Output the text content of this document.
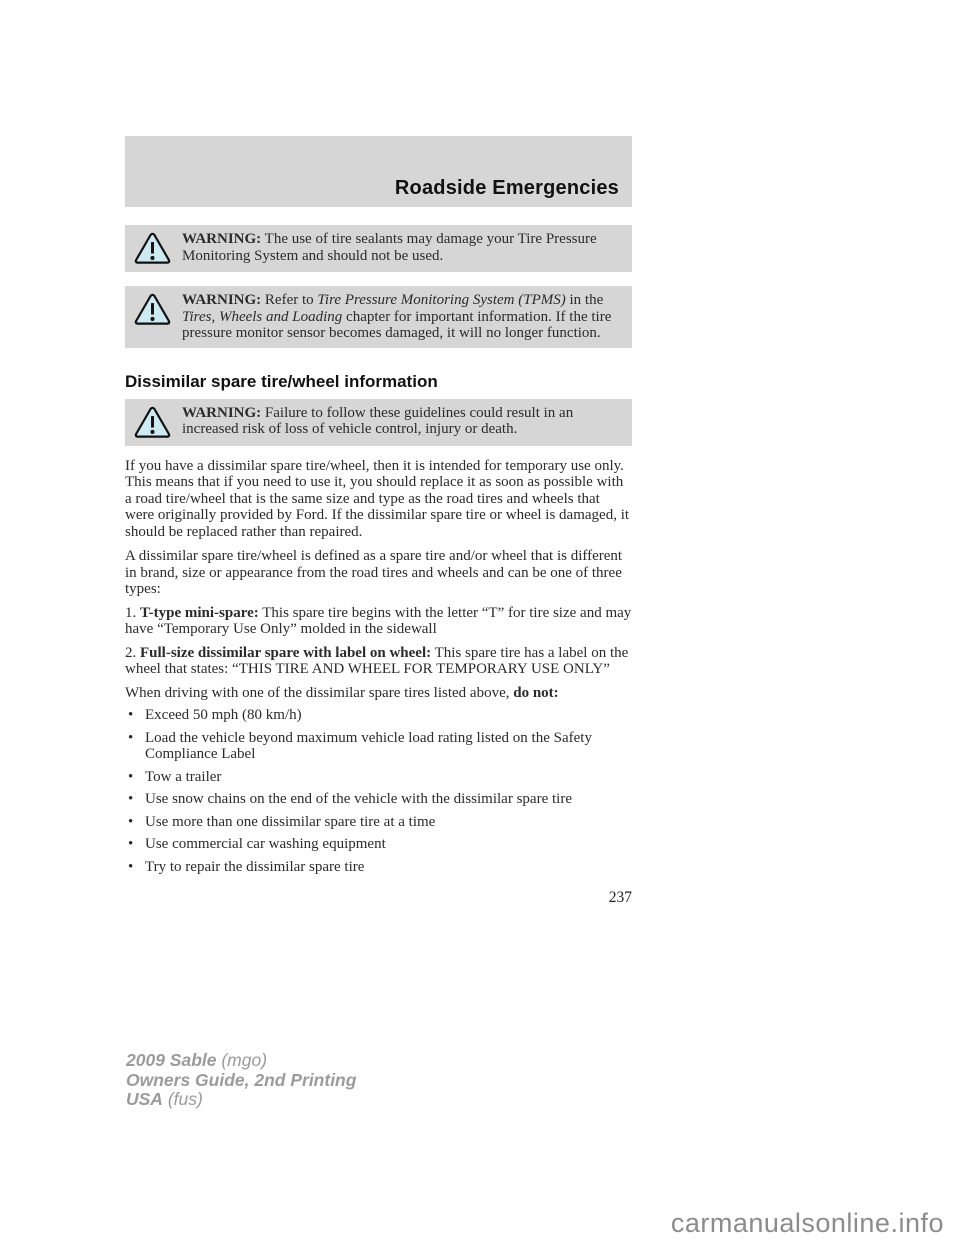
Roadside Emergencies
WARNING: The use of tire sealants may damage your Tire Pressure Monitoring System and should not be used.
WARNING: Refer to Tire Pressure Monitoring System (TPMS) in the Tires, Wheels and Loading chapter for important information. If the tire pressure monitor sensor becomes damaged, it will no longer function.
Dissimilar spare tire/wheel information
WARNING: Failure to follow these guidelines could result in an increased risk of loss of vehicle control, injury or death.
If you have a dissimilar spare tire/wheel, then it is intended for temporary use only. This means that if you need to use it, you should replace it as soon as possible with a road tire/wheel that is the same size and type as the road tires and wheels that were originally provided by Ford. If the dissimilar spare tire or wheel is damaged, it should be replaced rather than repaired.
A dissimilar spare tire/wheel is defined as a spare tire and/or wheel that is different in brand, size or appearance from the road tires and wheels and can be one of three types:
1. T-type mini-spare: This spare tire begins with the letter “T” for tire size and may have “Temporary Use Only” molded in the sidewall
2. Full-size dissimilar spare with label on wheel: This spare tire has a label on the wheel that states: “THIS TIRE AND WHEEL FOR TEMPORARY USE ONLY”
When driving with one of the dissimilar spare tires listed above, do not:
• Exceed 50 mph (80 km/h)
• Load the vehicle beyond maximum vehicle load rating listed on the Safety Compliance Label
• Tow a trailer
• Use snow chains on the end of the vehicle with the dissimilar spare tire
• Use more than one dissimilar spare tire at a time
• Use commercial car washing equipment
• Try to repair the dissimilar spare tire
237
2009 Sable (mgo)
Owners Guide, 2nd Printing
USA (fus)
carmanualsonline.info
